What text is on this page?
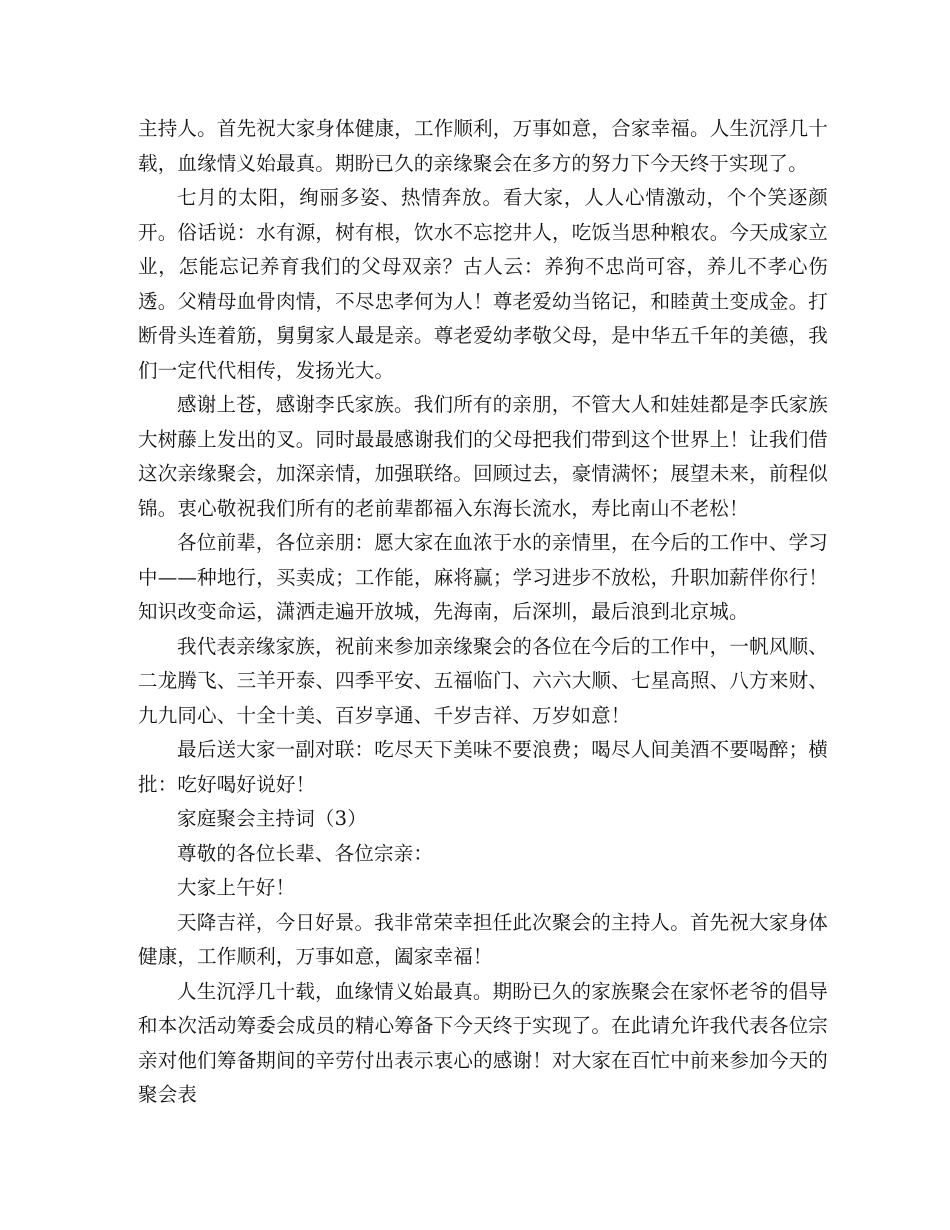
主持人。首先祝大家身体健康，工作顺利，万事如意，合家幸福。人生沉浮几十载，血缘情义始最真。期盼已久的亲缘聚会在多方的努力下今天终于实现了。

七月的太阳，绚丽多姿、热情奔放。看大家，人人心情激动，个个笑逐颜开。俗话说：水有源，树有根，饮水不忘挖井人，吃饭当思种粮农。今天成家立业，怎能忘记养育我们的父母双亲？古人云：养狗不忠尚可容，养儿不孝心伤透。父精母血骨肉情，不尽忠孝何为人！尊老爱幼当铭记，和睦黄土变成金。打断骨头连着筋，舅舅家人最是亲。尊老爱幼孝敬父母，是中华五千年的美德，我们一定代代相传，发扬光大。

感谢上苍，感谢李氏家族。我们所有的亲朋，不管大人和娃娃都是李氏家族大树藤上发出的叉。同时最最感谢我们的父母把我们带到这个世界上！让我们借这次亲缘聚会，加深亲情，加强联络。回顾过去，豪情满怀；展望未来，前程似锦。衷心敬祝我们所有的老前辈都福入东海长流水，寿比南山不老松！

各位前辈，各位亲朋：愿大家在血浓于水的亲情里，在今后的工作中、学习中——种地行，买卖成；工作能，麻将赢；学习进步不放松，升职加薪伴你行！知识改变命运，潇洒走遍开放城，先海南，后深圳，最后浪到北京城。

我代表亲缘家族，祝前来参加亲缘聚会的各位在今后的工作中，一帆风顺、二龙腾飞、三羊开泰、四季平安、五福临门、六六大顺、七星高照、八方来财、九九同心、十全十美、百岁享通、千岁吉祥、万岁如意！

最后送大家一副对联：吃尽天下美味不要浪费；喝尽人间美酒不要喝醉；横批：吃好喝好说好！

家庭聚会主持词（3）

尊敬的各位长辈、各位宗亲：

大家上午好！

天降吉祥，今日好景。我非常荣幸担任此次聚会的主持人。首先祝大家身体健康，工作顺利，万事如意，阖家幸福！

人生沉浮几十载，血缘情义始最真。期盼已久的家族聚会在家怀老爷的倡导和本次活动筹委会成员的精心筹备下今天终于实现了。在此请允许我代表各位宗亲对他们筹备期间的辛劳付出表示衷心的感谢！对大家在百忙中前来参加今天的聚会表
